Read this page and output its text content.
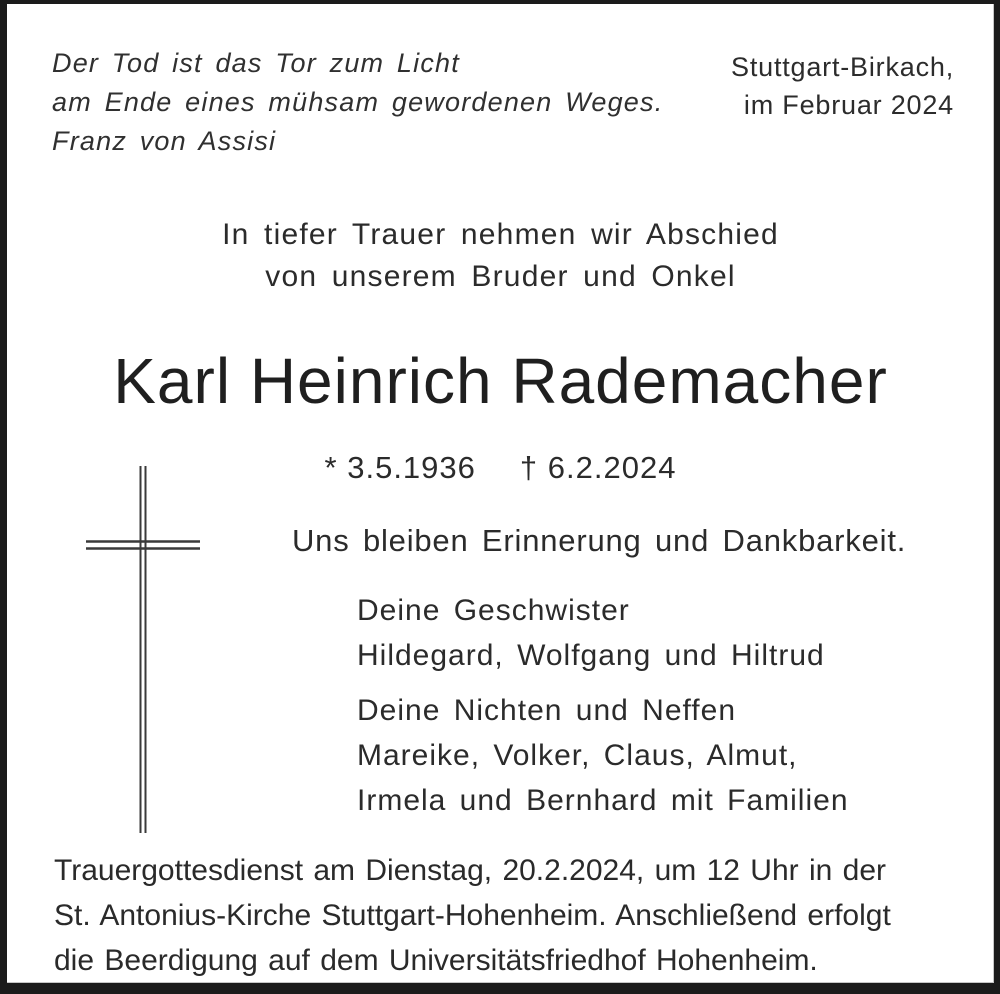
Der Tod ist das Tor zum Licht
am Ende eines mühsam gewordenen Weges.
Franz von Assisi
Stuttgart-Birkach,
im Februar 2024
In tiefer Trauer nehmen wir Abschied
von unserem Bruder und Onkel
Karl Heinrich Rademacher
* 3.5.1936 † 6.2.2024
Uns bleiben Erinnerung und Dankbarkeit.
Deine Geschwister
Hildegard, Wolfgang und Hiltrud
Deine Nichten und Neffen
Mareike, Volker, Claus, Almut,
Irmela und Bernhard mit Familien
Trauergottesdienst am Dienstag, 20.2.2024, um 12 Uhr in der
St. Antonius-Kirche Stuttgart-Hohenheim. Anschließend erfolgt
die Beerdigung auf dem Universitätsfriedhof Hohenheim.
